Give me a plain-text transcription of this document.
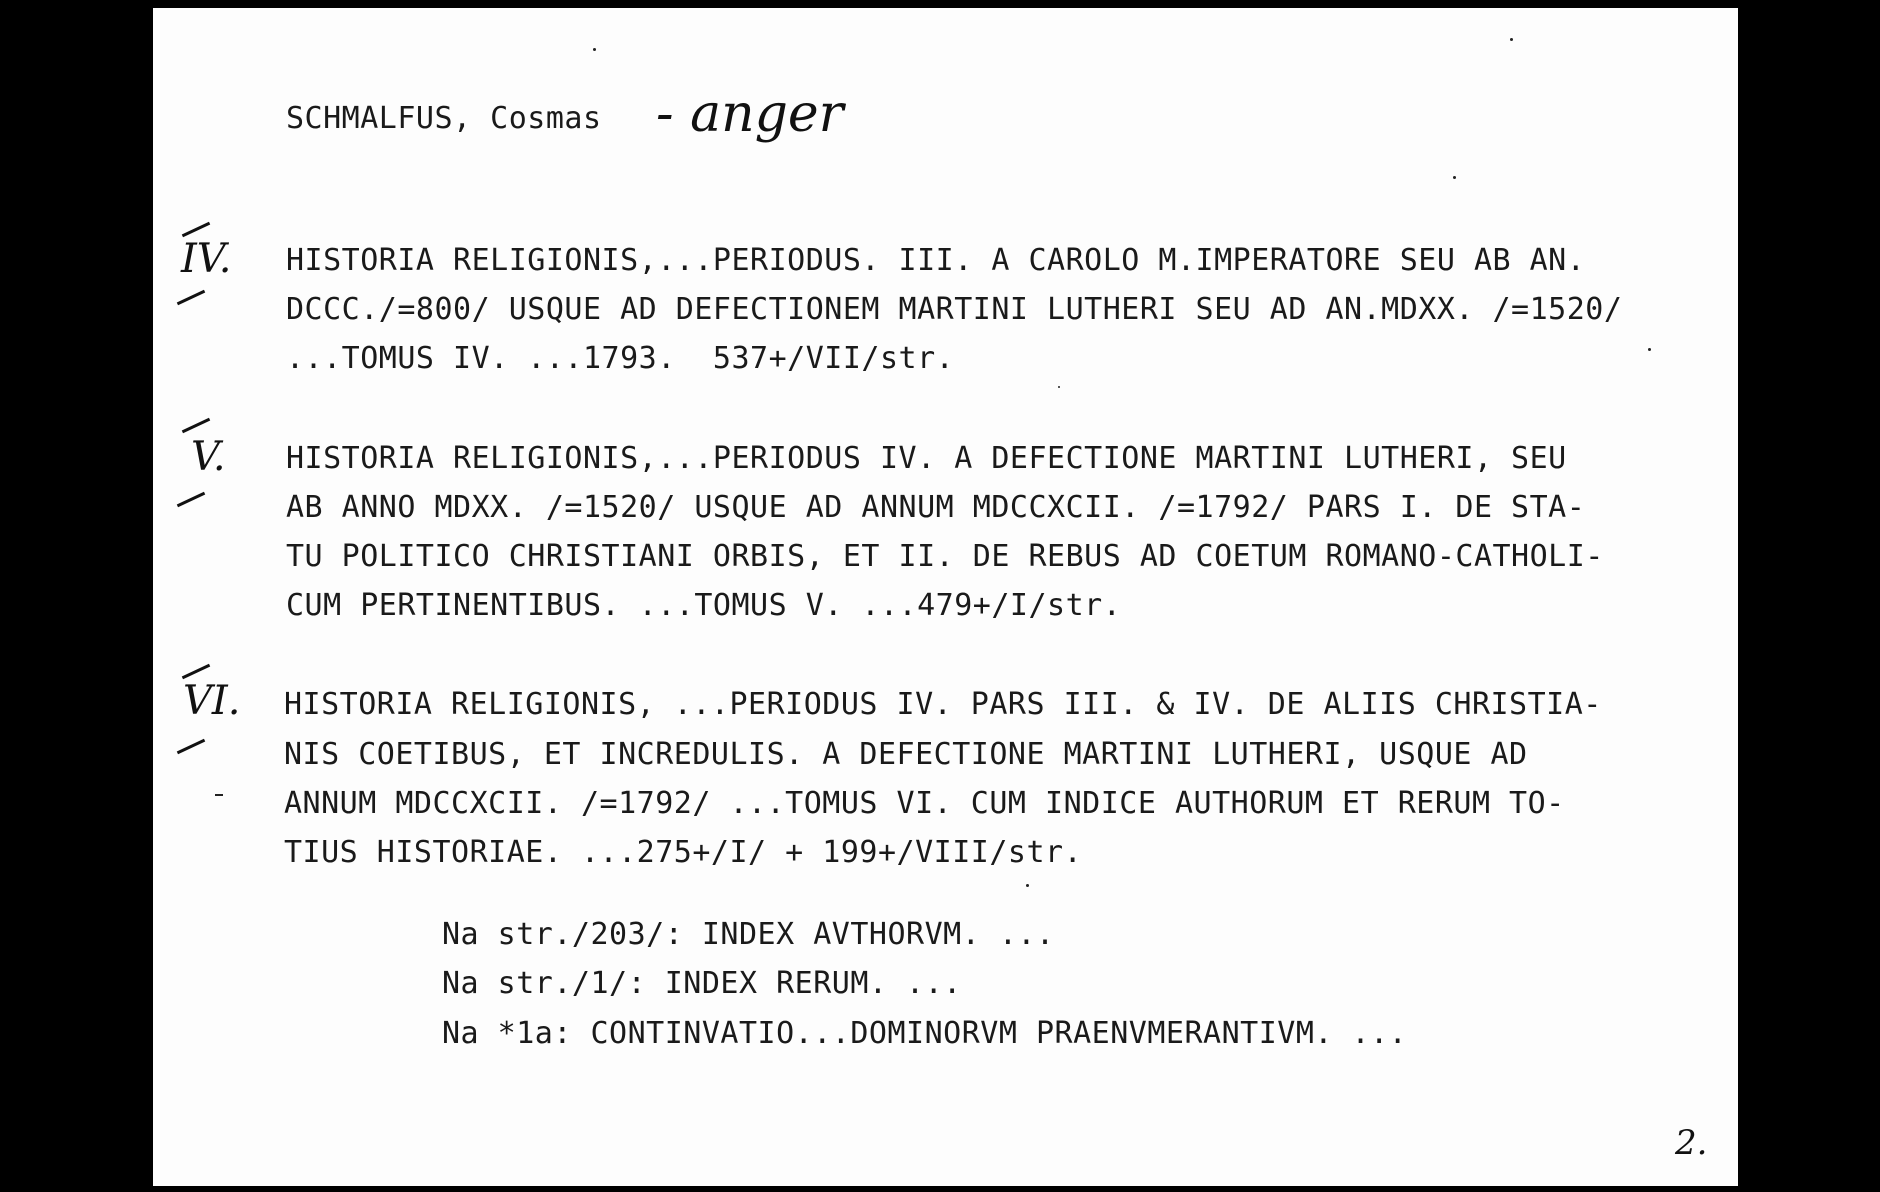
SCHMALFUS, Cosmas - anger
IV. HISTORIA RELIGIONIS,...PERIODUS. III. A CAROLO M.IMPERATORE SEU AB AN.
DCCC./=800/ USQUE AD DEFECTIONEM MARTINI LUTHERI SEU AD AN.MDXX. /=1520/
...TOMUS IV. ...1793.  537+/VII/str.
V. HISTORIA RELIGIONIS,...PERIODUS IV. A DEFECTIONE MARTINI LUTHERI, SEU
AB ANNO MDXX. /=1520/ USQUE AD ANNUM MDCCXCII. /=1792/ PARS I. DE STA-
TU POLITICO CHRISTIANI ORBIS, ET II. DE REBUS AD COETUM ROMANO-CATHOLI-
CUM PERTINENTIBUS. ...TOMUS V. ...479+/I/str.
VI. HISTORIA RELIGIONIS, ...PERIODUS IV. PARS III. & IV. DE ALIIS CHRISTIA-
NIS COETIBUS, ET INCREDULIS. A DEFECTIONE MARTINI LUTHERI, USQUE AD
ANNUM MDCCXCII. /=1792/ ...TOMUS VI. CUM INDICE AUTHORUM ET RERUM TO-
TIUS HISTORIAE. ...275+/I/ + 199+/VIII/str.
Na str./203/: INDEX AVTHORVM. ...
Na str./1/: INDEX RERUM. ...
Na *1a: CONTINVATIO...DOMINORVM PRAENVMERANTIVM. ...
2.
